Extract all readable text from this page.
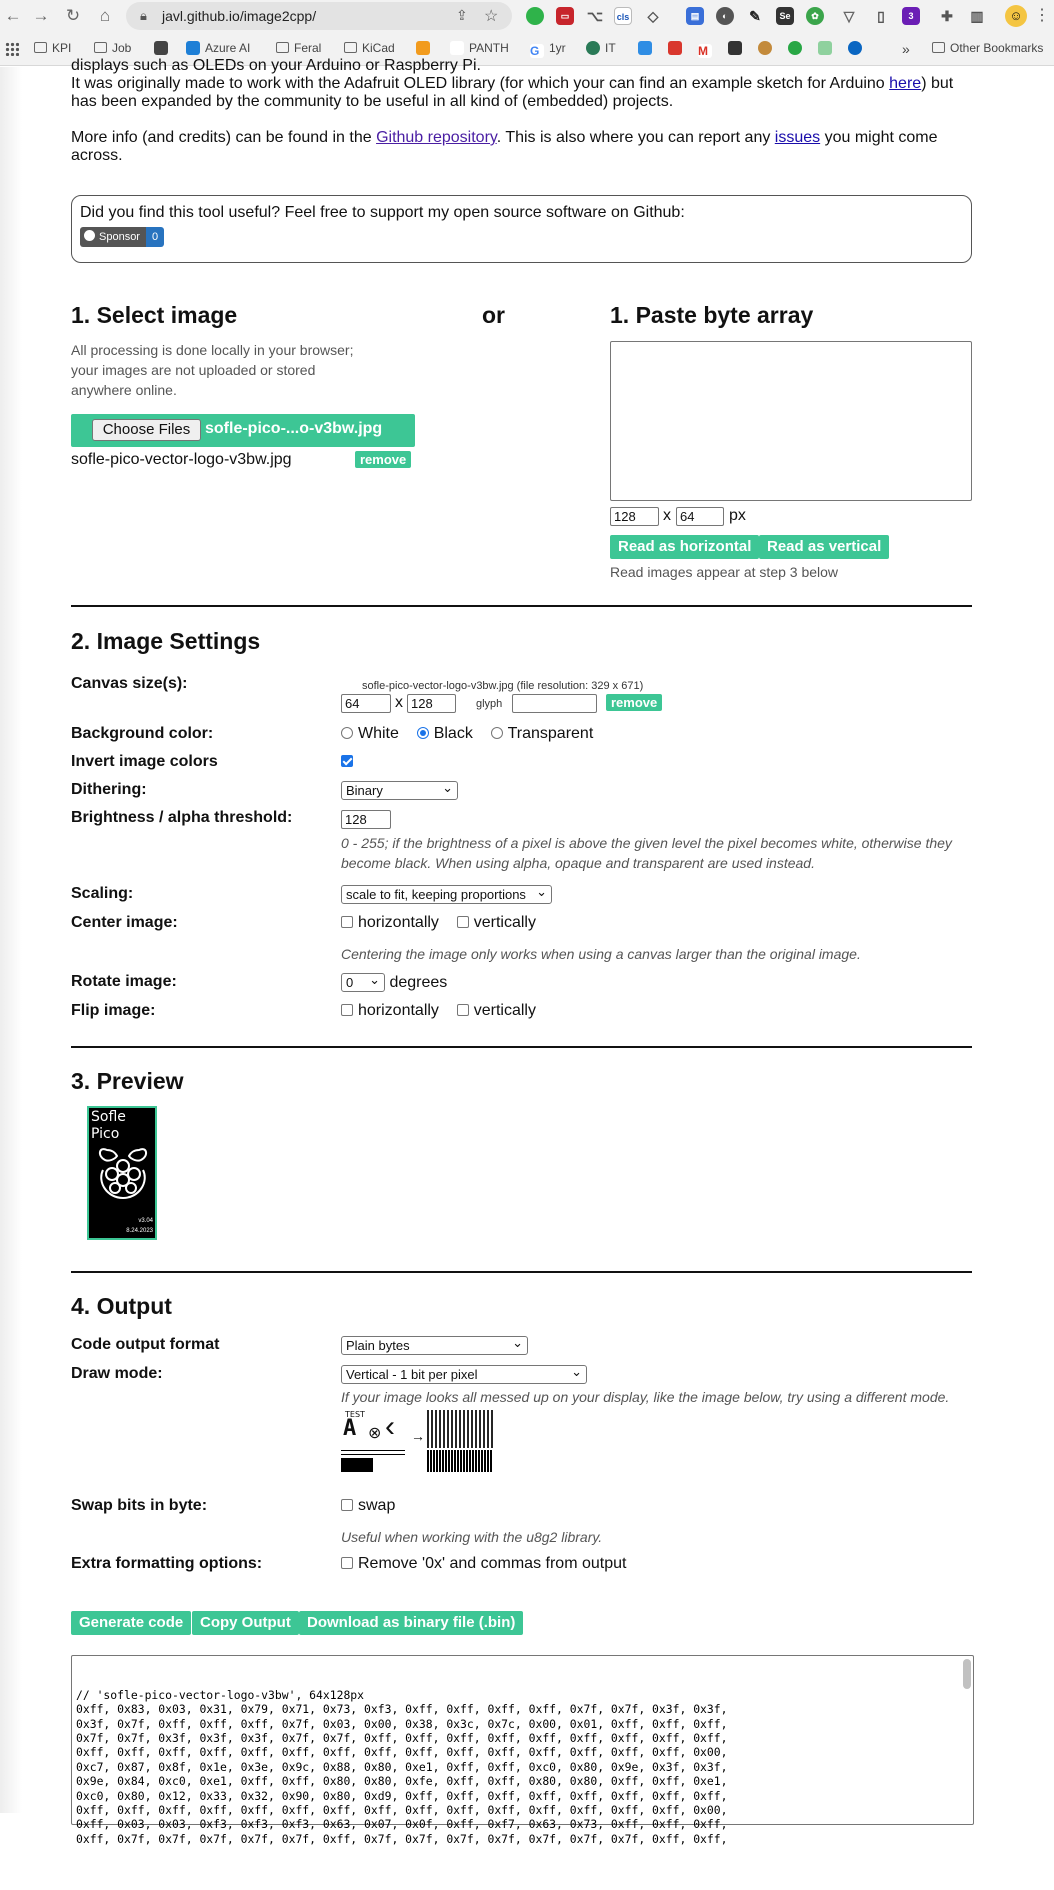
← → ↻	⌂	🔒︎ javl.github.io/image2cpp/	⇪ ☆	▭	⌥	cls ◇	▤	◐	✎	Se	✿	▽	▯	3	✚ ▥	☺ ⋮
KPI	Job	Azure AI	Feral	KiCad	PANTH G 1yr	IT	M	»	Other Bookmarks
displays such as OLEDs on your Arduino or Raspberry Pi.

It was originally made to work with the Adafruit OLED library (for which your can find an example sketch for Arduino here) but has been expanded by the community to be useful in all kind of (embedded) projects.

More info (and credits) can be found in the Github repository. This is also where you can report any issues you might come across.

Did you find this tool useful? Feel free to support my open source software on Github:
Sponsor	0
1. Select image	or
All processing is done locally in your browser; your images are not uploaded or stored anywhere online.
Choose Files sofle-pico-...o-v3bw.jpg
sofle-pico-vector-logo-v3bw.jpg	remove
1. Paste byte array
128	x 64	px
Read as horizontal	Read as vertical
Read images appear at step 3 below
2. Image Settings
Canvas size(s):	sofle-pico-vector-logo-v3bw.jpg (file resolution: 329 x 671)
64	x 128	glyph	remove
Background color:	White Black Transparent
Invert image colors
Dithering:	Binary ⌄
Brightness / alpha threshold:	128
0 - 255; if the brightness of a pixel is above the given level the pixel becomes white, otherwise they become black. When using alpha, opaque and transparent are used instead.
Scaling:	scale to fit, keeping proportions ⌄
Center image:	horizontally vertically
Centering the image only works when using a canvas larger than the original image.
Rotate image:	0 ⌄ degrees
Flip image:	horizontally vertically
3. Preview
Sofle
Pico
v3.04
8.24.2023
4. Output
Code output format	Plain bytes ⌄
Draw mode:	Vertical - 1 bit per pixel ⌄
If your image looks all messed up on your display, like the image below, try using a different mode.
TEST
A ⊗ ‹ →
Swap bits in byte:	swap
Useful when working with the u8g2 library.
Extra formatting options:	Remove '0x' and commas from output
Generate code	Copy Output	Download as binary file (.bin)

// 'sofle-pico-vector-logo-v3bw', 64x128px
0xff, 0x83, 0x03, 0x31, 0x79, 0x71, 0x73, 0xf3, 0xff, 0xff, 0xff, 0xff, 0x7f, 0x7f, 0x3f, 0x3f,
0x3f, 0x7f, 0xff, 0xff, 0xff, 0x7f, 0x03, 0x00, 0x38, 0x3c, 0x7c, 0x00, 0x01, 0xff, 0xff, 0xff,
0x7f, 0x7f, 0x3f, 0x3f, 0x3f, 0x7f, 0x7f, 0xff, 0xff, 0xff, 0xff, 0xff, 0xff, 0xff, 0xff, 0xff,
0xff, 0xff, 0xff, 0xff, 0xff, 0xff, 0xff, 0xff, 0xff, 0xff, 0xff, 0xff, 0xff, 0xff, 0xff, 0x00,
0xc7, 0x87, 0x8f, 0x1e, 0x3e, 0x9c, 0x88, 0x80, 0xe1, 0xff, 0xff, 0xc0, 0x80, 0x9e, 0x3f, 0x3f,
0x9e, 0x84, 0xc0, 0xe1, 0xff, 0xff, 0x80, 0x80, 0xfe, 0xff, 0xff, 0x80, 0x80, 0xff, 0xff, 0xe1,
0xc0, 0x80, 0x12, 0x33, 0x32, 0x90, 0x80, 0xd9, 0xff, 0xff, 0xff, 0xff, 0xff, 0xff, 0xff, 0xff,
0xff, 0xff, 0xff, 0xff, 0xff, 0xff, 0xff, 0xff, 0xff, 0xff, 0xff, 0xff, 0xff, 0xff, 0xff, 0x00,
0xff, 0x03, 0x03, 0xf3, 0xf3, 0xf3, 0x63, 0x07, 0x0f, 0xff, 0xf7, 0x63, 0x73, 0xff, 0xff, 0xff,
0xff, 0x7f, 0x7f, 0x7f, 0x7f, 0x7f, 0xff, 0x7f, 0x7f, 0x7f, 0x7f, 0x7f, 0x7f, 0x7f, 0xff, 0xff,
